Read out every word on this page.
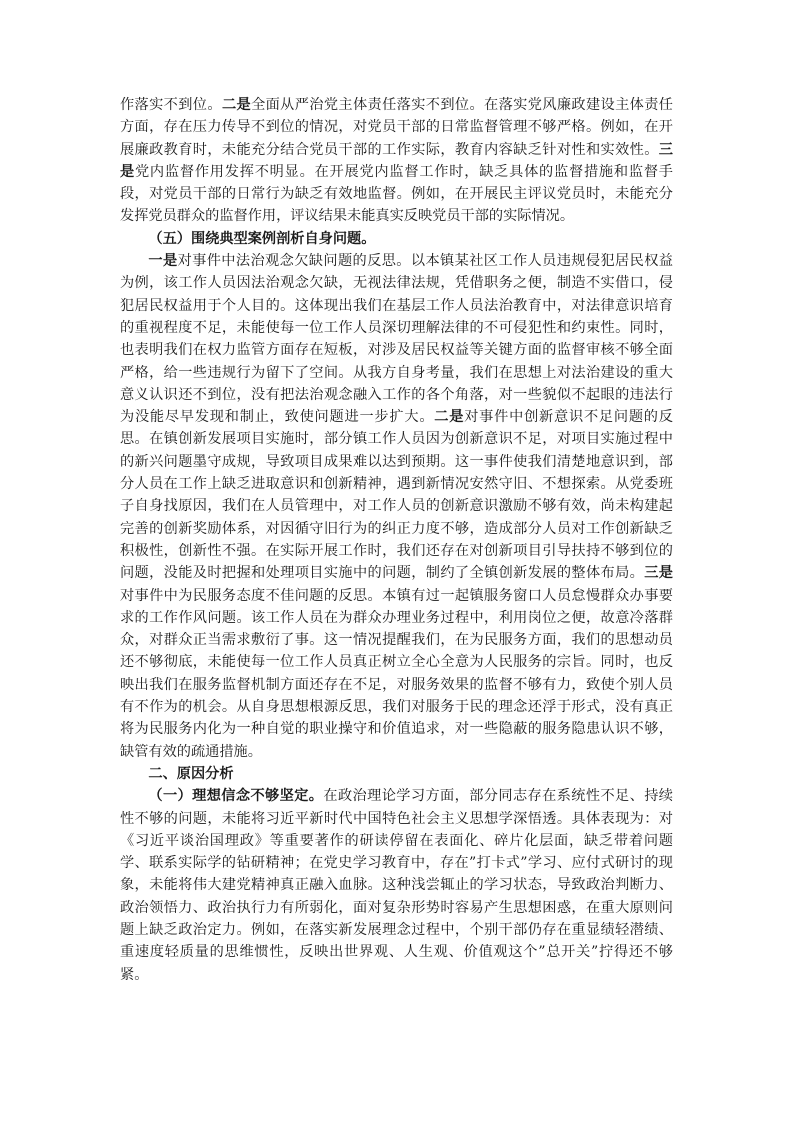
作落实不到位。二是全面从严治党主体责任落实不到位。在落实党风廉政建设主体责任方面，存在压力传导不到位的情况，对党员干部的日常监督管理不够严格。例如，在开展廉政教育时，未能充分结合党员干部的工作实际，教育内容缺乏针对性和实效性。三是党内监督作用发挥不明显。在开展党内监督工作时，缺乏具体的监督措施和监督手段，对党员干部的日常行为缺乏有效地监督。例如，在开展民主评议党员时，未能充分发挥党员群众的监督作用，评议结果未能真实反映党员干部的实际情况。

（五）围绕典型案例剖析自身问题。

一是对事件中法治观念欠缺问题的反思。以本镇某社区工作人员违规侵犯居民权益为例，该工作人员因法治观念欠缺，无视法律法规，凭借职务之便，制造不实借口，侵犯居民权益用于个人目的。这体现出我们在基层工作人员法治教育中，对法律意识培育的重视程度不足，未能使每一位工作人员深切理解法律的不可侵犯性和约束性。同时，也表明我们在权力监管方面存在短板，对涉及居民权益等关键方面的监督审核不够全面严格，给一些违规行为留下了空间。从我方自身考量，我们在思想上对法治建设的重大意义认识还不到位，没有把法治观念融入工作的各个角落，对一些貌似不起眼的违法行为没能尽早发现和制止，致使问题进一步扩大。二是对事件中创新意识不足问题的反思。在镇创新发展项目实施时，部分镇工作人员因为创新意识不足，对项目实施过程中的新兴问题墨守成规，导致项目成果难以达到预期。这一事件使我们清楚地意识到，部分人员在工作上缺乏进取意识和创新精神，遇到新情况安然守旧、不想探索。从党委班子自身找原因，我们在人员管理中，对工作人员的创新意识激励不够有效，尚未构建起完善的创新奖励体系，对因循守旧行为的纠正力度不够，造成部分人员对工作创新缺乏积极性，创新性不强。在实际开展工作时，我们还存在对创新项目引导扶持不够到位的问题，没能及时把握和处理项目实施中的问题，制约了全镇创新发展的整体布局。三是对事件中为民服务态度不佳问题的反思。本镇有过一起镇服务窗口人员怠慢群众办事要求的工作作风问题。该工作人员在为群众办理业务过程中，利用岗位之便，故意冷落群众，对群众正当需求敷衍了事。这一情况提醒我们，在为民服务方面，我们的思想动员还不够彻底，未能使每一位工作人员真正树立全心全意为人民服务的宗旨。同时，也反映出我们在服务监督机制方面还存在不足，对服务效果的监督不够有力，致使个别人员有不作为的机会。从自身思想根源反思，我们对服务于民的理念还浮于形式，没有真正将为民服务内化为一种自觉的职业操守和价值追求，对一些隐蔽的服务隐患认识不够，缺管有效的疏通措施。

二、原因分析

（一）理想信念不够坚定。在政治理论学习方面，部分同志存在系统性不足、持续性不够的问题，未能将习近平新时代中国特色社会主义思想学深悟透。具体表现为：对《习近平谈治国理政》等重要著作的研读停留在表面化、碎片化层面，缺乏带着问题学、联系实际学的钻研精神；在党史学习教育中，存在”打卡式”学习、应付式研讨的现象，未能将伟大建党精神真正融入血脉。这种浅尝辄止的学习状态，导致政治判断力、政治领悟力、政治执行力有所弱化，面对复杂形势时容易产生思想困惑，在重大原则问题上缺乏政治定力。例如，在落实新发展理念过程中，个别干部仍存在重显绩轻潜绩、重速度轻质量的思维惯性，反映出世界观、人生观、价值观这个”总开关”拧得还不够紧。
